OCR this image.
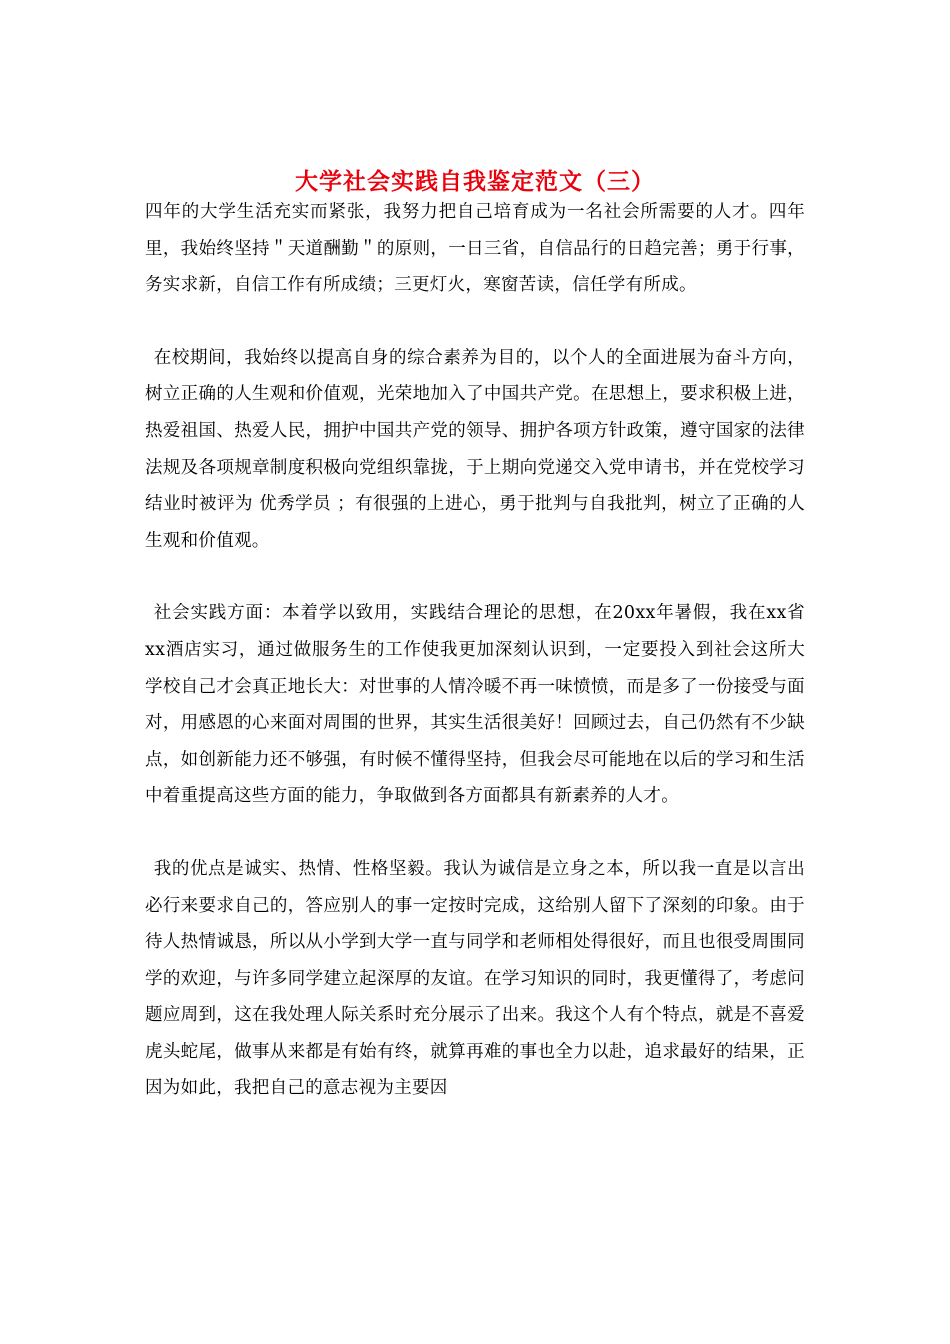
大学社会实践自我鉴定范文（三）

四年的大学生活充实而紧张，我努力把自己培育成为一名社会所需要的人才。四年里，我始终坚持＂天道酬勤＂的原则，一日三省，自信品行的日趋完善；勇于行事，务实求新，自信工作有所成绩；三更灯火，寒窗苦读，信任学有所成。

在校期间，我始终以提高自身的综合素养为目的，以个人的全面进展为奋斗方向，树立正确的人生观和价值观，光荣地加入了中国共产党。在思想上，要求积极上进，热爱祖国、热爱人民，拥护中国共产党的领导、拥护各项方针政策，遵守国家的法律法规及各项规章制度积极向党组织靠拢，于上期向党递交入党申请书，并在党校学习结业时被评为 优秀学员 ；有很强的上进心，勇于批判与自我批判，树立了正确的人生观和价值观。

社会实践方面：本着学以致用，实践结合理论的思想，在20xx年暑假，我在xx省xx酒店实习，通过做服务生的工作使我更加深刻认识到，一定要投入到社会这所大学校自己才会真正地长大：对世事的人情冷暖不再一味愤愤，而是多了一份接受与面对，用感恩的心来面对周围的世界，其实生活很美好！回顾过去，自己仍然有不少缺点，如创新能力还不够强，有时候不懂得坚持，但我会尽可能地在以后的学习和生活中着重提高这些方面的能力，争取做到各方面都具有新素养的人才。

我的优点是诚实、热情、性格坚毅。我认为诚信是立身之本，所以我一直是以言出必行来要求自己的，答应别人的事一定按时完成，这给别人留下了深刻的印象。由于待人热情诚恳，所以从小学到大学一直与同学和老师相处得很好，而且也很受周围同学的欢迎，与许多同学建立起深厚的友谊。在学习知识的同时，我更懂得了，考虑问题应周到，这在我处理人际关系时充分展示了出来。我这个人有个特点，就是不喜爱虎头蛇尾，做事从来都是有始有终，就算再难的事也全力以赴，追求最好的结果，正因为如此，我把自己的意志视为主要因
